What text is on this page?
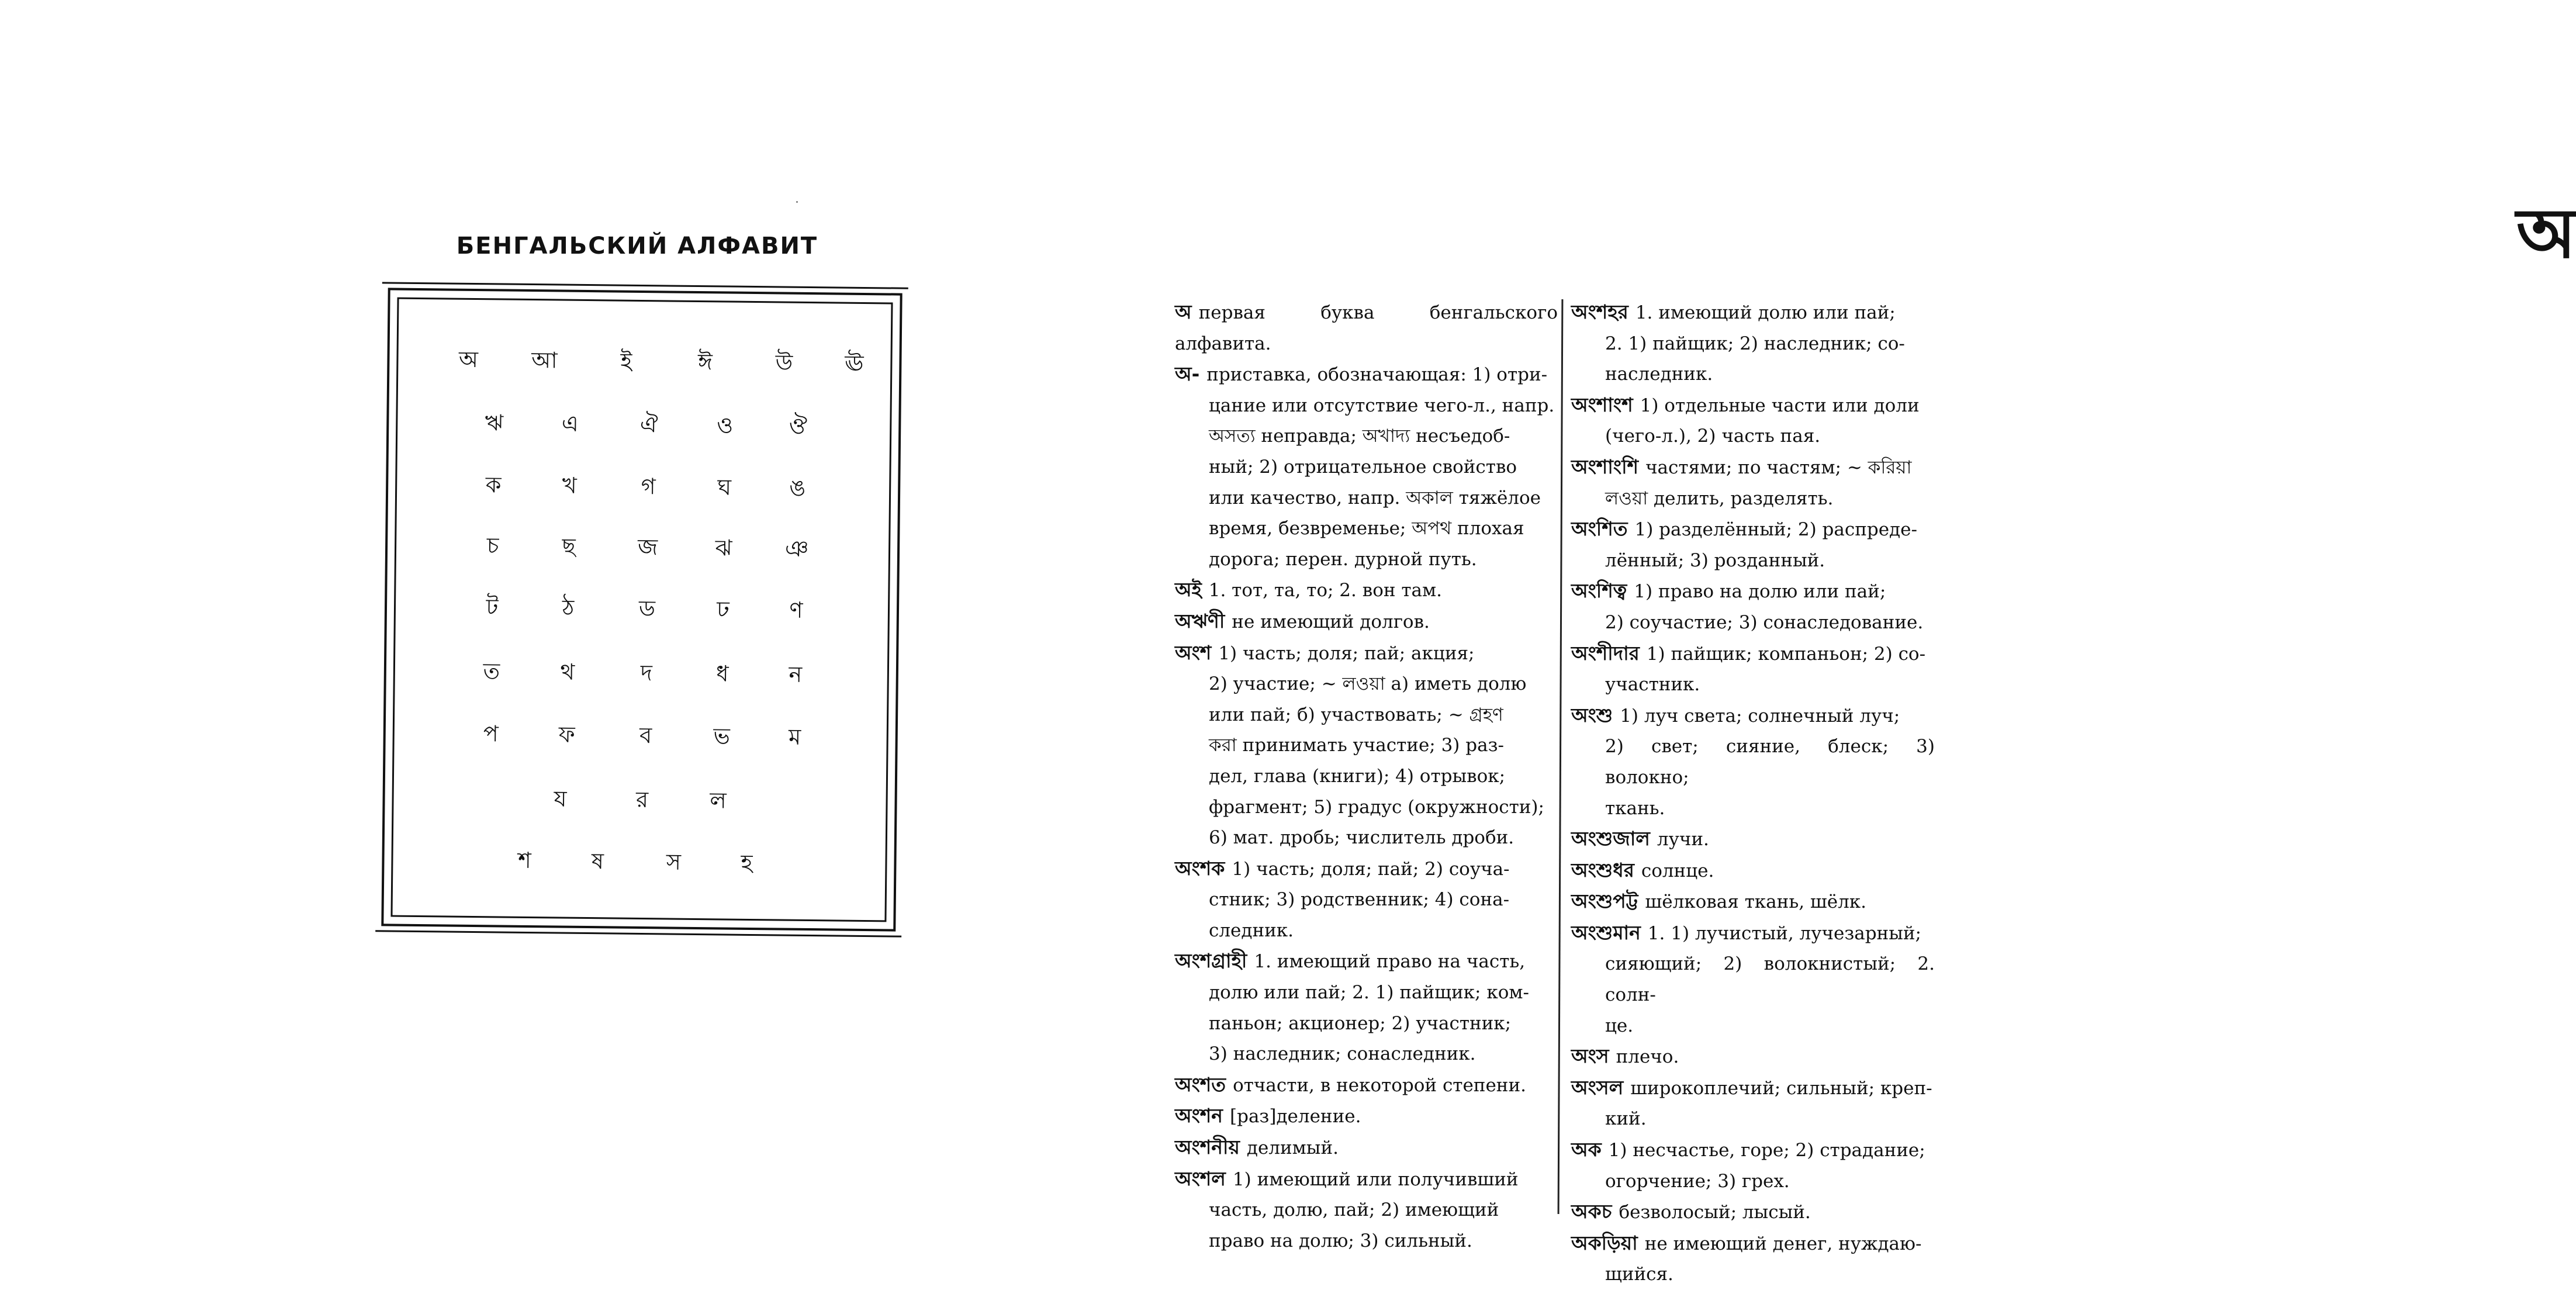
БЕНГАЛЬСКИЙ АЛФАВИТ
অ	আ	ই	ঈ	উ	ঊ
ঋ	এ	ঐ	ও	ঔ
ক	খ	গ	ঘ	ঙ
চ	ছ	জ	ঝ	ঞ
ট	ঠ	ড	ঢ	ণ
ত	থ	দ	ধ	ন
প	ফ	ব	ভ	ম
য	র	ল
শ	ষ	স	হ
অ
অ первая буква бенгальского алфавита.
অ- приставка, обозначающая: 1) отри-
цание или отсутствие чего-л., напр.
অসত্য неправда; অখাদ্য несъедоб-
ный; 2) отрицательное свойство
или качество, напр. অকাল тяжёлое
время, безвременье; অপথ плохая
дорога; перен. дурной путь.
অই 1. тот, та, то; 2. вон там.
অঋণী не имеющий долгов.
অংশ 1) часть; доля; пай; акция;
2) участие; ~ লওয়া а) иметь долю
или пай; б) участвовать; ~ গ্রহণ
করা принимать участие; 3) раз-
дел, глава (книги); 4) отрывок;
фрагмент; 5) градус (окружности);
6) мат. дробь; числитель дроби.
অংশক 1) часть; доля; пай; 2) соуча-
стник; 3) родственник; 4) сона-
следник.
অংশগ্রাহী 1. имеющий право на часть,
долю или пай; 2. 1) пайщик; ком-
паньон; акционер; 2) участник;
3) наследник; сонаследник.
অংশত отчасти, в некоторой степени.
অংশন [раз]деление.
অংশনীয় делимый.
অংশল 1) имеющий или получивший
часть, долю, пай; 2) имеющий
право на долю; 3) сильный.
অংশহর 1. имеющий долю или пай;
2. 1) пайщик; 2) наследник; со-
наследник.
অংশাংশ 1) отдельные части или доли
(чего-л.), 2) часть пая.
অংশাংশি частями; по частям; ~ করিয়া
লওয়া делить, разделять.
অংশিত 1) разделённый; 2) распреде-
лённый; 3) розданный.
অংশিত্ব 1) право на долю или пай;
2) соучастие; 3) сонаследование.
অংশীদার 1) пайщик; компаньон; 2) со-
участник.
অংশু 1) луч света; солнечный луч;
2) свет; сияние, блеск; 3) волокно;
ткань.
অংশুজাল лучи.
অংশুধর солнце.
অংশুপট্ট шёлковая ткань, шёлк.
অংশুমান 1. 1) лучистый, лучезарный;
сияющий; 2) волокнистый; 2. солн-
це.
অংস плечо.
অংসল широкоплечий; сильный; креп-
кий.
অক 1) несчастье, горе; 2) страдание;
огорчение; 3) грех.
অকচ безволосый; лысый.
অকড়িয়া не имеющий денег, нуждаю-
щийся.
